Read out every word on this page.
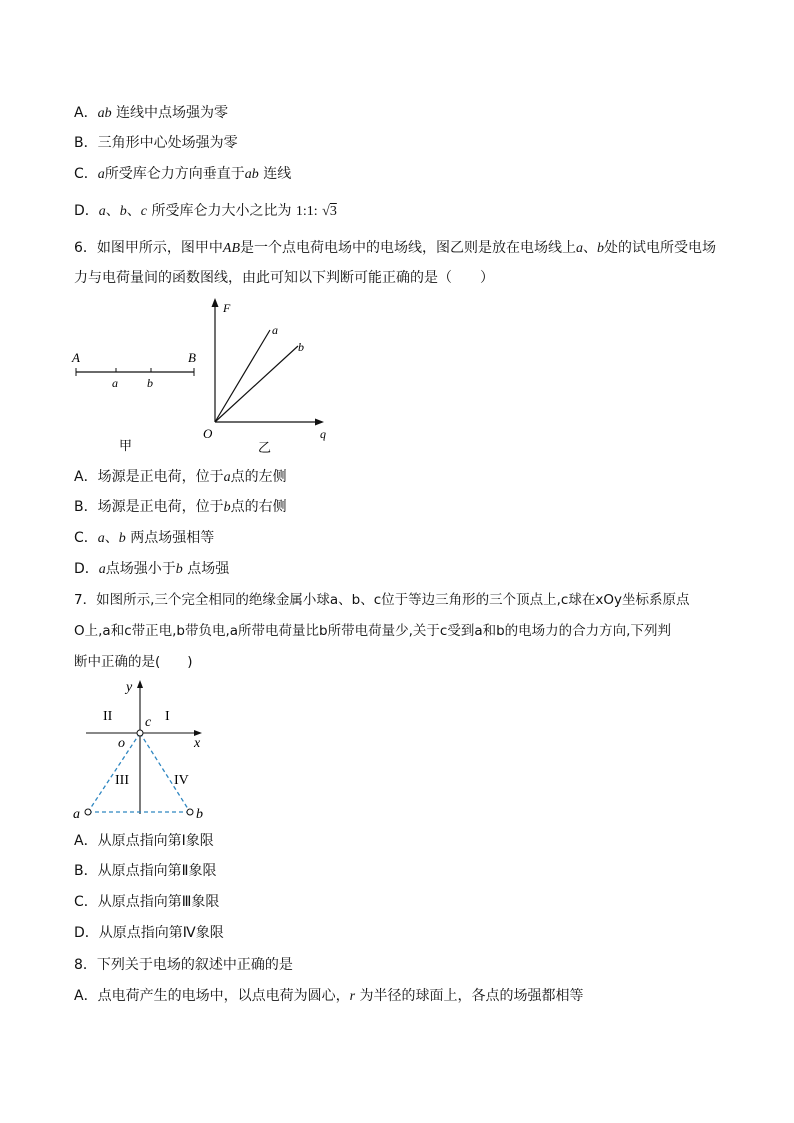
A．ab 连线中点场强为零
B．三角形中心处场强为零
C．a所受库仑力方向垂直于ab 连线
D．a、b、c 所受库仑力大小之比为 1:1: √3
6．如图甲所示，图甲中AB是一个点电荷电场中的电场线，图乙则是放在电场线上a、b处的试电所受电场
力与电荷量间的函数图线，由此可知以下判断可能正确的是（　　）
A	B
a b
甲
F
a
b
O	q
乙
A．场源是正电荷，位于a点的左侧
B．场源是正电荷，位于b点的右侧
C．a、b 两点场强相等
D．a点场强小于b 点场强
7．如图所示,三个完全相同的绝缘金属小球a、b、c位于等边三角形的三个顶点上,c球在xOy坐标系原点
O上,a和c带正电,b带负电,a所带电荷量比b所带电荷量少,关于c受到a和b的电场力的合力方向,下列判
断中正确的是(　　)
y
x
c
o
I
II
III	IV
a	b
A．从原点指向第Ⅰ象限
B．从原点指向第Ⅱ象限
C．从原点指向第Ⅲ象限
D．从原点指向第Ⅳ象限
8．下列关于电场的叙述中正确的是
A．点电荷产生的电场中，以点电荷为圆心，r 为半径的球面上，各点的场强都相等
